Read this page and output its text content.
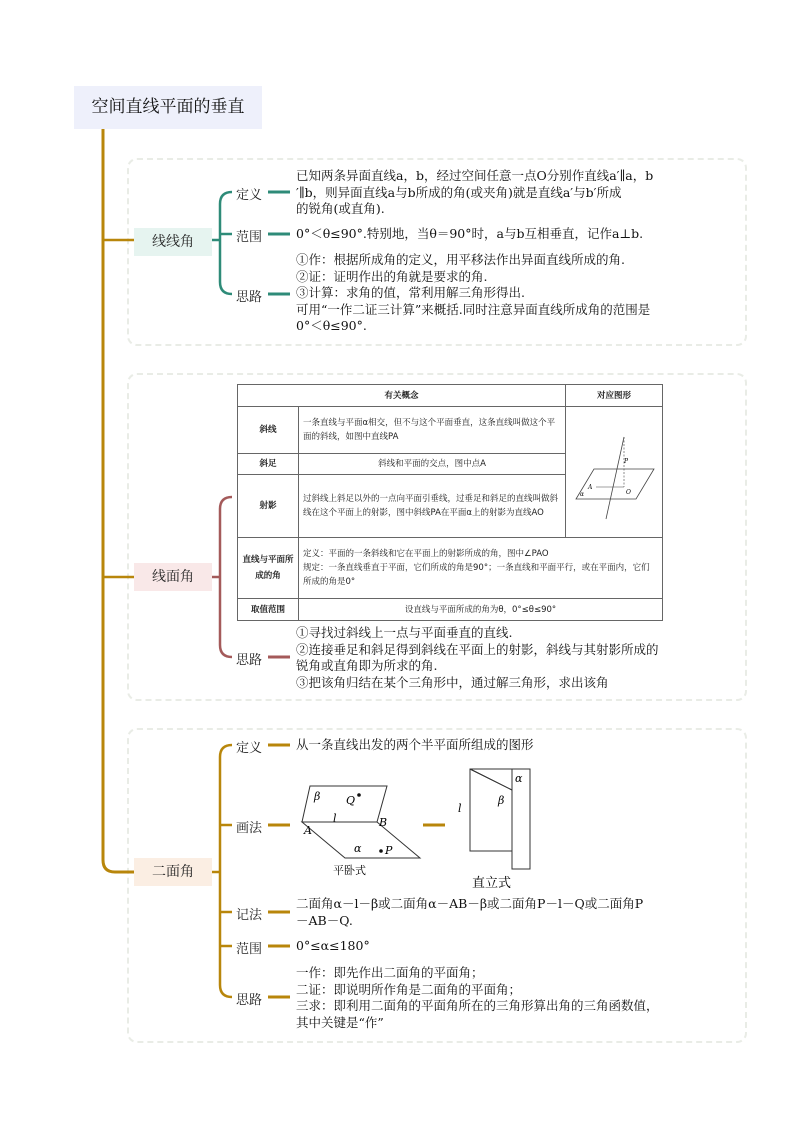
空间直线平面的垂直
线线角
定义
已知两条异面直线a，b，经过空间任意一点O分别作直线a′∥a，b
′∥b，则异面直线a与b所成的角(或夹角)就是直线a′与b′所成
的锐角(或直角).
范围	0°＜θ≤90°.特别地，当θ＝90°时，a与b互相垂直，记作a⊥b.
思路
①作：根据所成角的定义，用平移法作出异面直线所成的角.
②证：证明作出的角就是要求的角.
③计算：求角的值，常利用解三角形得出.
可用“一作二证三计算”来概括.同时注意异面直线所成角的范围是
0°＜θ≤90°.
线面角
有关概念		对应图形
斜线	一条直线与平面α相交，但不与这个平面垂直，这条直线叫做这个平面的斜线，如图中直线PA	P
A
O
α

斜足	斜线和平面的交点，图中点A	
射影	过斜线上斜足以外的一点向平面引垂线，过垂足和斜足的直线叫做斜线在这个平面上的射影，图中斜线PA在平面α上的射影为直线AO	
直线与平面所成的角	定义：平面的一条斜线和它在平面上的射影所成的角，图中∠PAO
规定：一条直线垂直于平面，它们所成的角是90°；一条直线和平面平行，或在平面内，它们所成的角是0°	

取值范围	设直线与平面所成的角为θ，0°≤θ≤90°	
思路
①寻找过斜线上一点与平面垂直的直线.
②连接垂足和斜足得到斜线在平面上的射影，斜线与其射影所成的
锐角或直角即为所求的角.
③把该角归结在某个三角形中，通过解三角形，求出该角
二面角
定义	从一条直线出发的两个半平面所组成的图形
画法
β Q
l
A
B
α P
平卧式
α
β
l
直立式
记法
二面角α－l－β或二面角α－AB－β或二面角P－l－Q或二面角P
－AB－Q.
范围	0°≤α≤180°
思路
一作：即先作出二面角的平面角；
二证：即说明所作角是二面角的平面角；
三求：即利用二面角的平面角所在的三角形算出角的三角函数值，
其中关键是“作”
